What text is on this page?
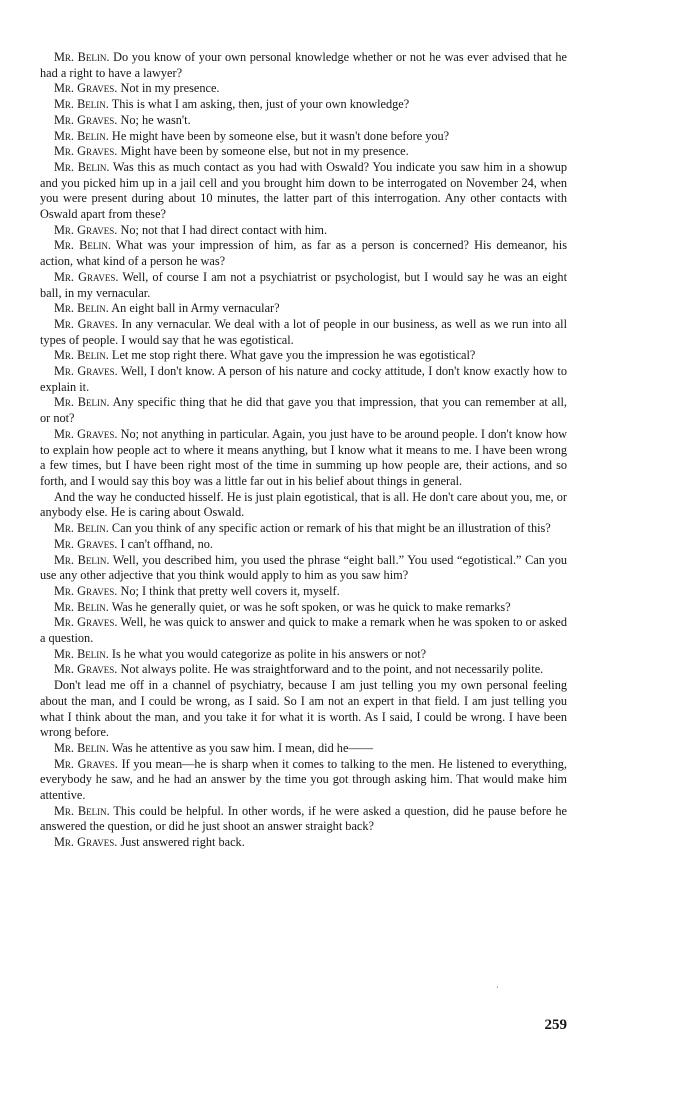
Mr. Belin. Do you know of your own personal knowledge whether or not he was ever advised that he had a right to have a lawyer?

Mr. Graves. Not in my presence.

Mr. Belin. This is what I am asking, then, just of your own knowledge?

Mr. Graves. No; he wasn't.

Mr. Belin. He might have been by someone else, but it wasn't done before you?

Mr. Graves. Might have been by someone else, but not in my presence.

Mr. Belin. Was this as much contact as you had with Oswald? You indicate you saw him in a showup and you picked him up in a jail cell and you brought him down to be interrogated on November 24, when you were present during about 10 minutes, the latter part of this interrogation. Any other contacts with Oswald apart from these?

Mr. Graves. No; not that I had direct contact with him.

Mr. Belin. What was your impression of him, as far as a person is concerned? His demeanor, his action, what kind of a person he was?

Mr. Graves. Well, of course I am not a psychiatrist or psychologist, but I would say he was an eight ball, in my vernacular.

Mr. Belin. An eight ball in Army vernacular?

Mr. Graves. In any vernacular. We deal with a lot of people in our business, as well as we run into all types of people. I would say that he was egotistical.

Mr. Belin. Let me stop right there. What gave you the impression he was egotistical?

Mr. Graves. Well, I don't know. A person of his nature and cocky attitude, I don't know exactly how to explain it.

Mr. Belin. Any specific thing that he did that gave you that impression, that you can remember at all, or not?

Mr. Graves. No; not anything in particular. Again, you just have to be around people. I don't know how to explain how people act to where it means anything, but I know what it means to me. I have been wrong a few times, but I have been right most of the time in summing up how people are, their actions, and so forth, and I would say this boy was a little far out in his belief about things in general.

And the way he conducted hisself. He is just plain egotistical, that is all. He don't care about you, me, or anybody else. He is caring about Oswald.

Mr. Belin. Can you think of any specific action or remark of his that might be an illustration of this?

Mr. Graves. I can't offhand, no.

Mr. Belin. Well, you described him, you used the phrase “eight ball.” You used “egotistical.” Can you use any other adjective that you think would apply to him as you saw him?

Mr. Graves. No; I think that pretty well covers it, myself.

Mr. Belin. Was he generally quiet, or was he soft spoken, or was he quick to make remarks?

Mr. Graves. Well, he was quick to answer and quick to make a remark when he was spoken to or asked a question.

Mr. Belin. Is he what you would categorize as polite in his answers or not?

Mr. Graves. Not always polite. He was straightforward and to the point, and not necessarily polite.

Don't lead me off in a channel of psychiatry, because I am just telling you my own personal feeling about the man, and I could be wrong, as I said. So I am not an expert in that field. I am just telling you what I think about the man, and you take it for what it is worth. As I said, I could be wrong. I have been wrong before.

Mr. Belin. Was he attentive as you saw him. I mean, did he——

Mr. Graves. If you mean—he is sharp when it comes to talking to the men. He listened to everything, everybody he saw, and he had an answer by the time you got through asking him. That would make him attentive.

Mr. Belin. This could be helpful. In other words, if he were asked a question, did he pause before he answered the question, or did he just shoot an answer straight back?

Mr. Graves. Just answered right back.

·
259
